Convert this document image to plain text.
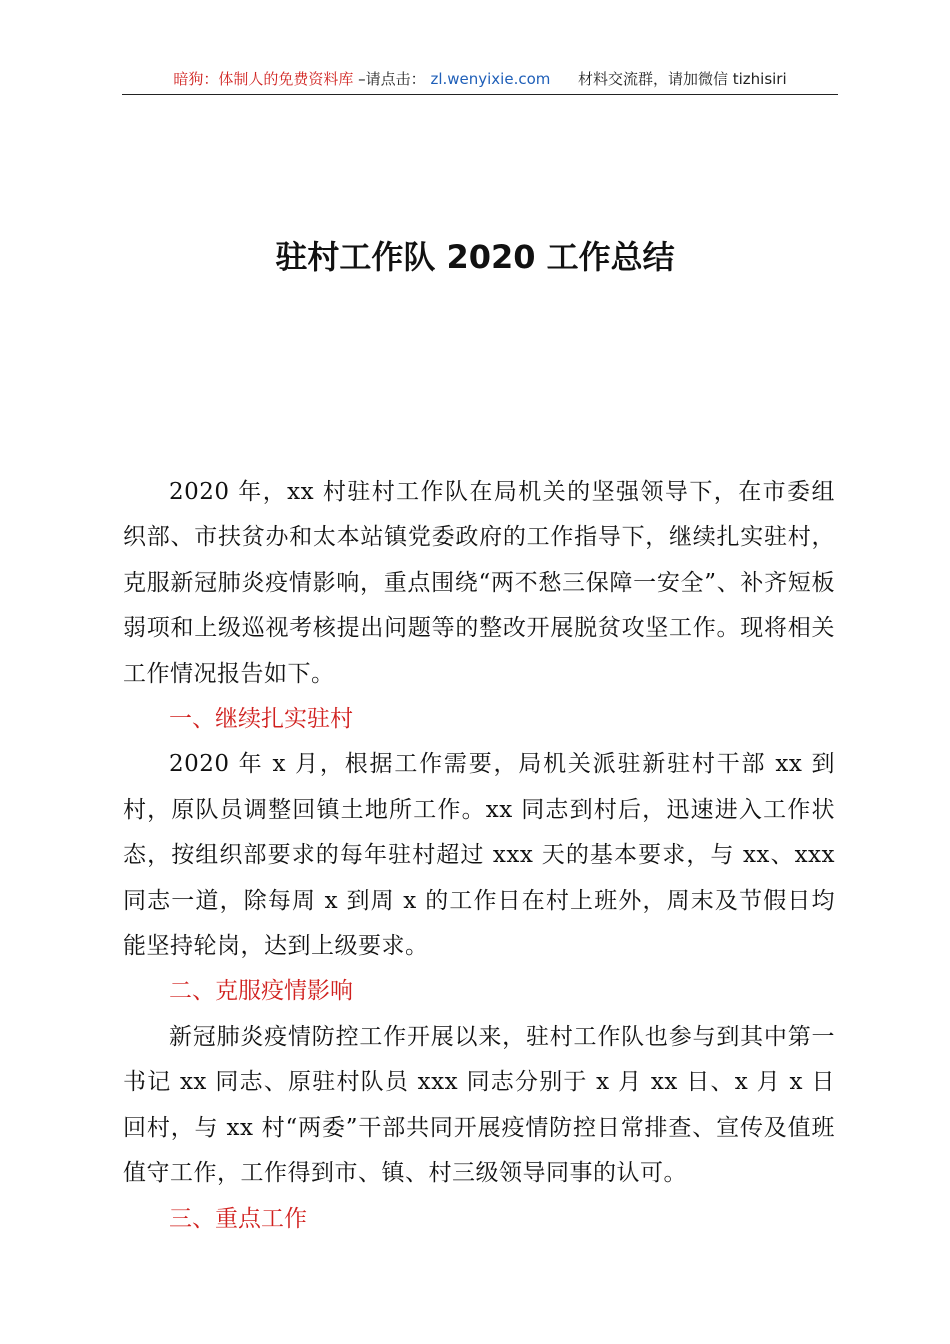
暗狗：体制人的免费资料库 –请点击： zl.wenyixie.com 材料交流群，请加微信 tizhisiri
驻村工作队 2020 工作总结

2020 年，xx 村驻村工作队在局机关的坚强领导下，在市委组织部、市扶贫办和太本站镇党委政府的工作指导下，继续扎实驻村，克服新冠肺炎疫情影响，重点围绕“两不愁三保障一安全”、补齐短板弱项和上级巡视考核提出问题等的整改开展脱贫攻坚工作。现将相关工作情况报告如下。

一、继续扎实驻村

2020 年 x 月，根据工作需要，局机关派驻新驻村干部 xx 到村，原队员调整回镇土地所工作。xx 同志到村后，迅速进入工作状态，按组织部要求的每年驻村超过 xxx 天的基本要求，与 xx、xxx 同志一道，除每周 x 到周 x 的工作日在村上班外，周末及节假日均能坚持轮岗，达到上级要求。

二、克服疫情影响

新冠肺炎疫情防控工作开展以来，驻村工作队也参与到其中第一书记 xx 同志、原驻村队员 xxx 同志分别于 x 月 xx 日、x 月 x 日回村，与 xx 村“两委”干部共同开展疫情防控日常排查、宣传及值班值守工作，工作得到市、镇、村三级领导同事的认可。

三、重点工作
